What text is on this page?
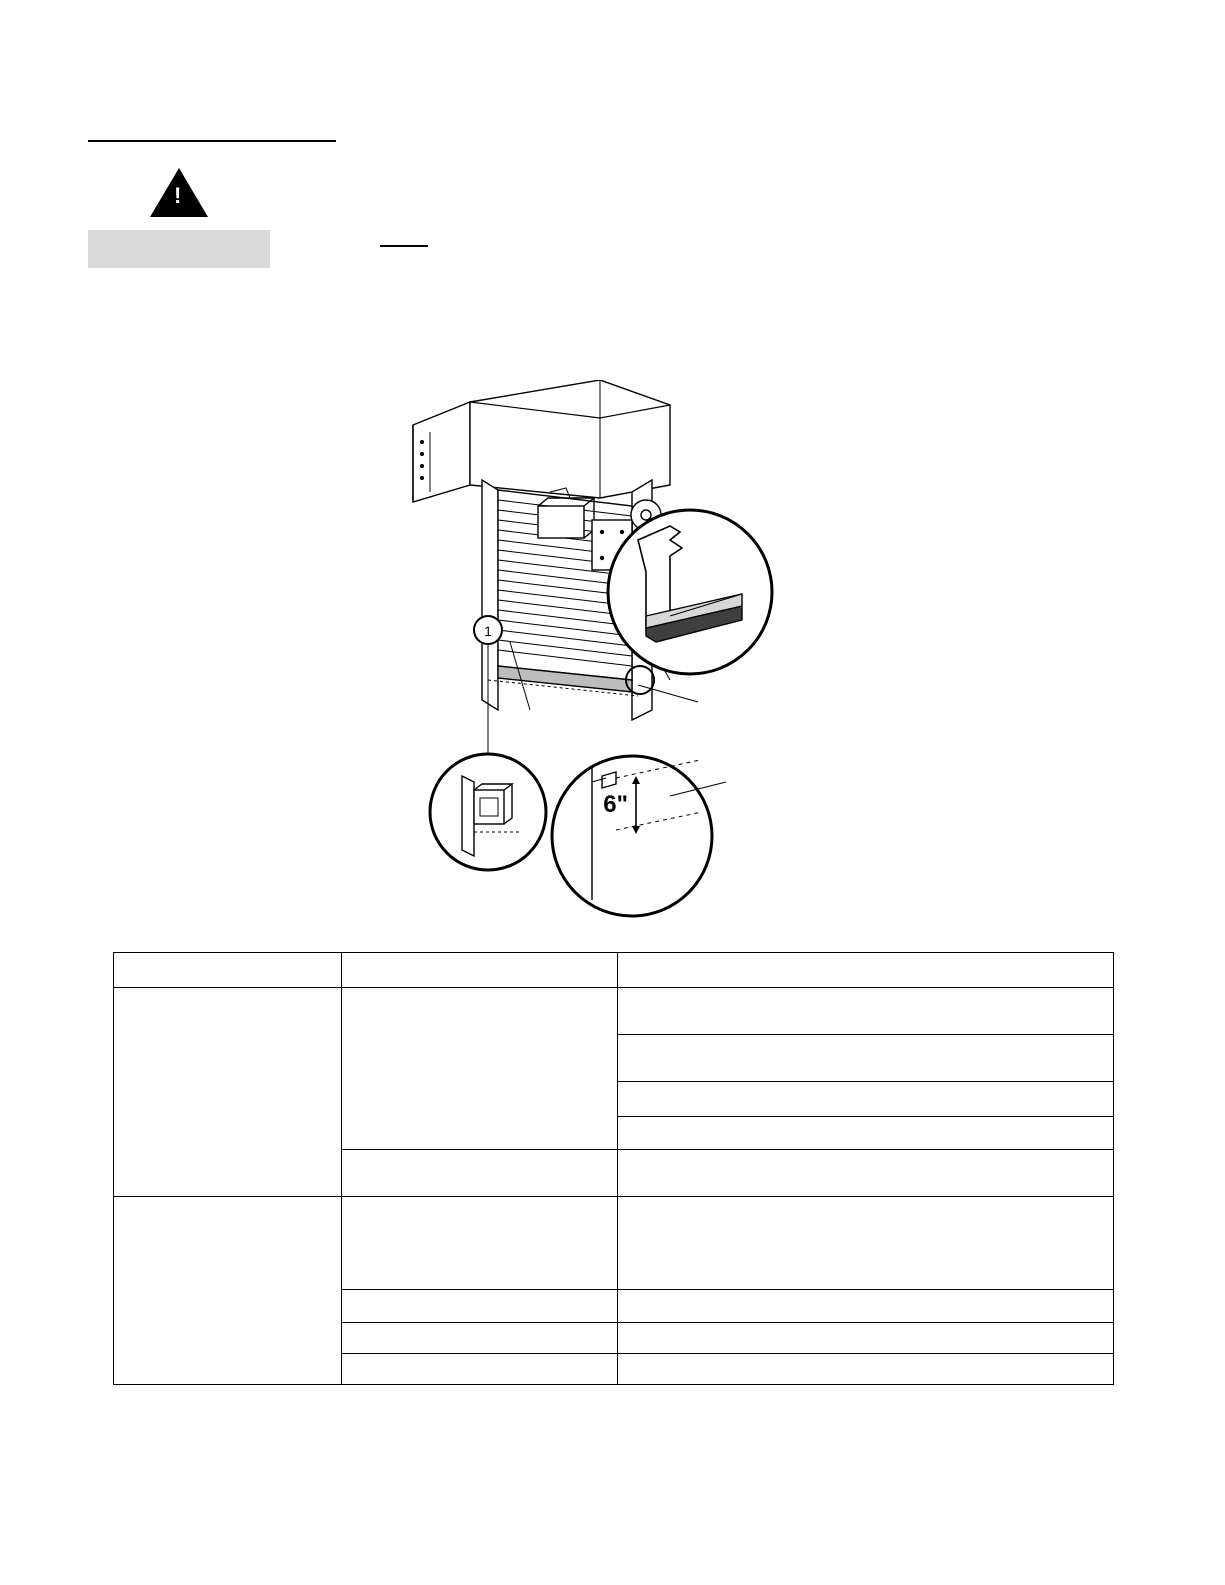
!
1
6"
